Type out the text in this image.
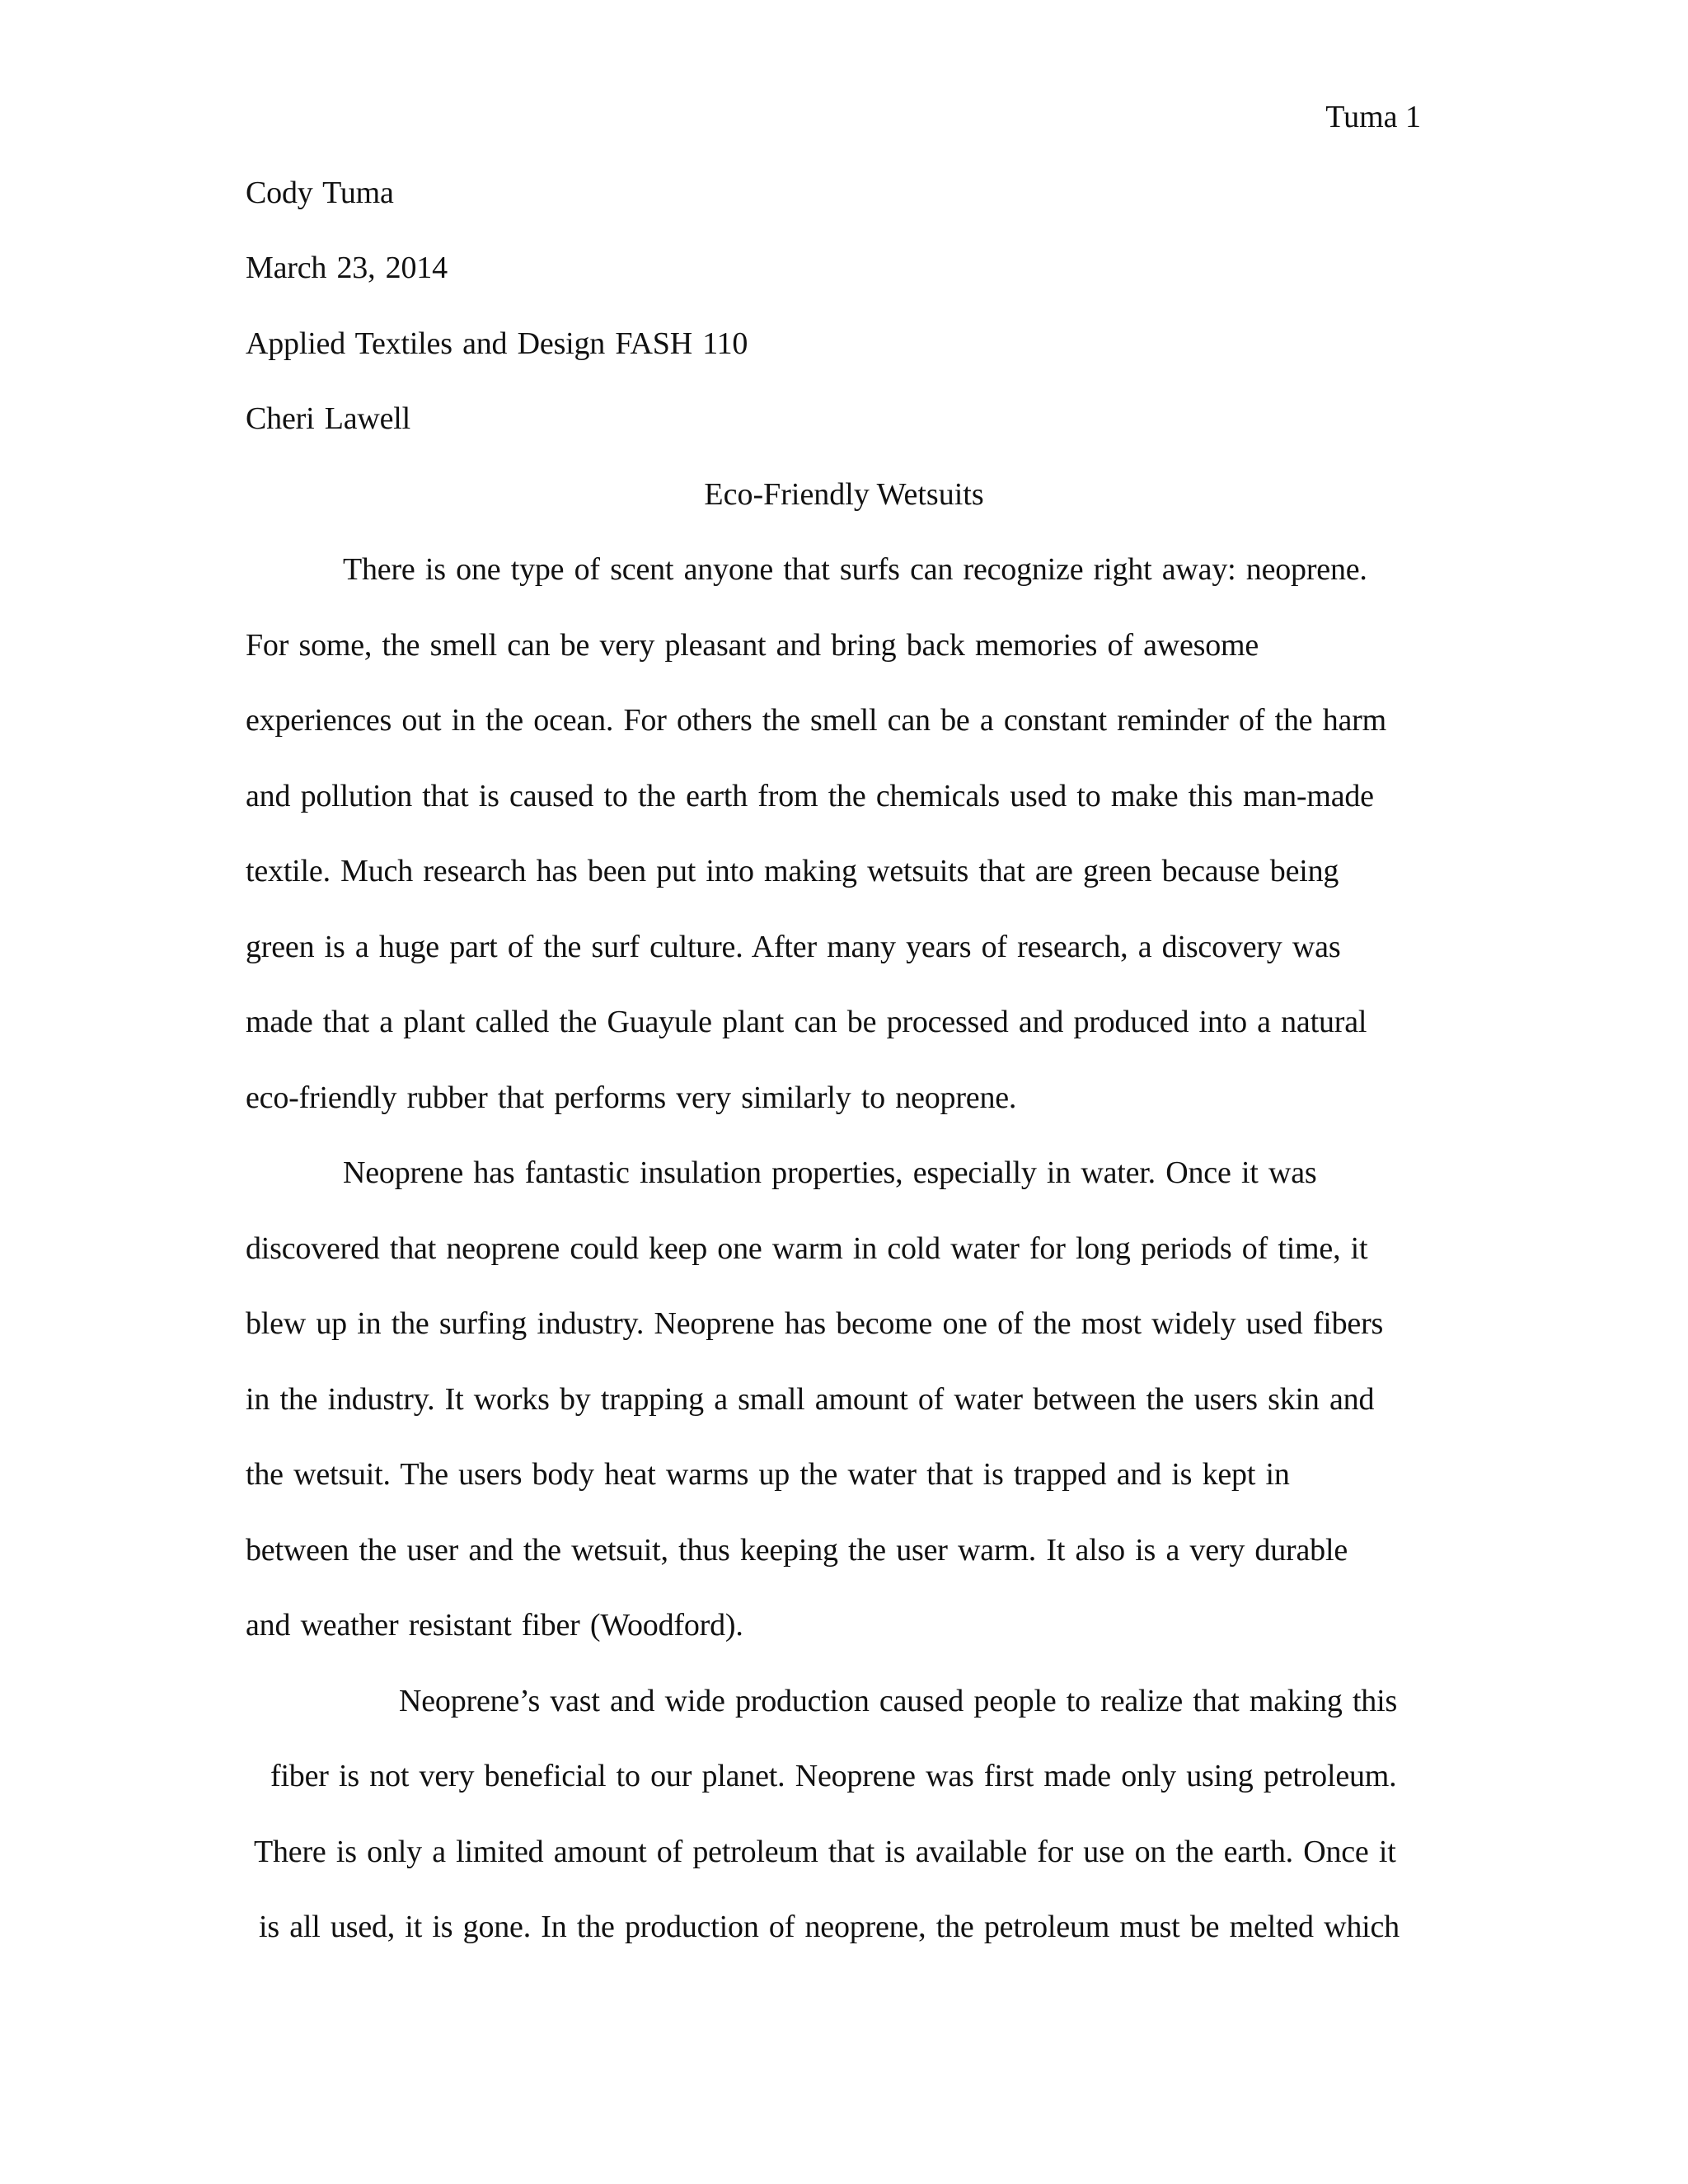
Tuma 1
Cody Tuma
March 23, 2014
Applied Textiles and Design FASH 110
Cheri Lawell
Eco-Friendly Wetsuits
There is one type of scent anyone that surfs can recognize right away: neoprene.
For some, the smell can be very pleasant and bring back memories of awesome
experiences out in the ocean. For others the smell can be a constant reminder of the harm
and pollution that is caused to the earth from the chemicals used to make this man-made
textile. Much research has been put into making wetsuits that are green because being
green is a huge part of the surf culture. After many years of research, a discovery was
made that a plant called the Guayule plant can be processed and produced into a natural
eco-friendly rubber that performs very similarly to neoprene.
Neoprene has fantastic insulation properties, especially in water. Once it was
discovered that neoprene could keep one warm in cold water for long periods of time, it
blew up in the surfing industry. Neoprene has become one of the most widely used fibers
in the industry. It works by trapping a small amount of water between the users skin and
the wetsuit. The users body heat warms up the water that is trapped and is kept in
between the user and the wetsuit, thus keeping the user warm. It also is a very durable
and weather resistant fiber (Woodford).
Neoprene’s vast and wide production caused people to realize that making this
fiber is not very beneficial to our planet. Neoprene was first made only using petroleum.
There is only a limited amount of petroleum that is available for use on the earth. Once it
is all used, it is gone. In the production of neoprene, the petroleum must be melted which
